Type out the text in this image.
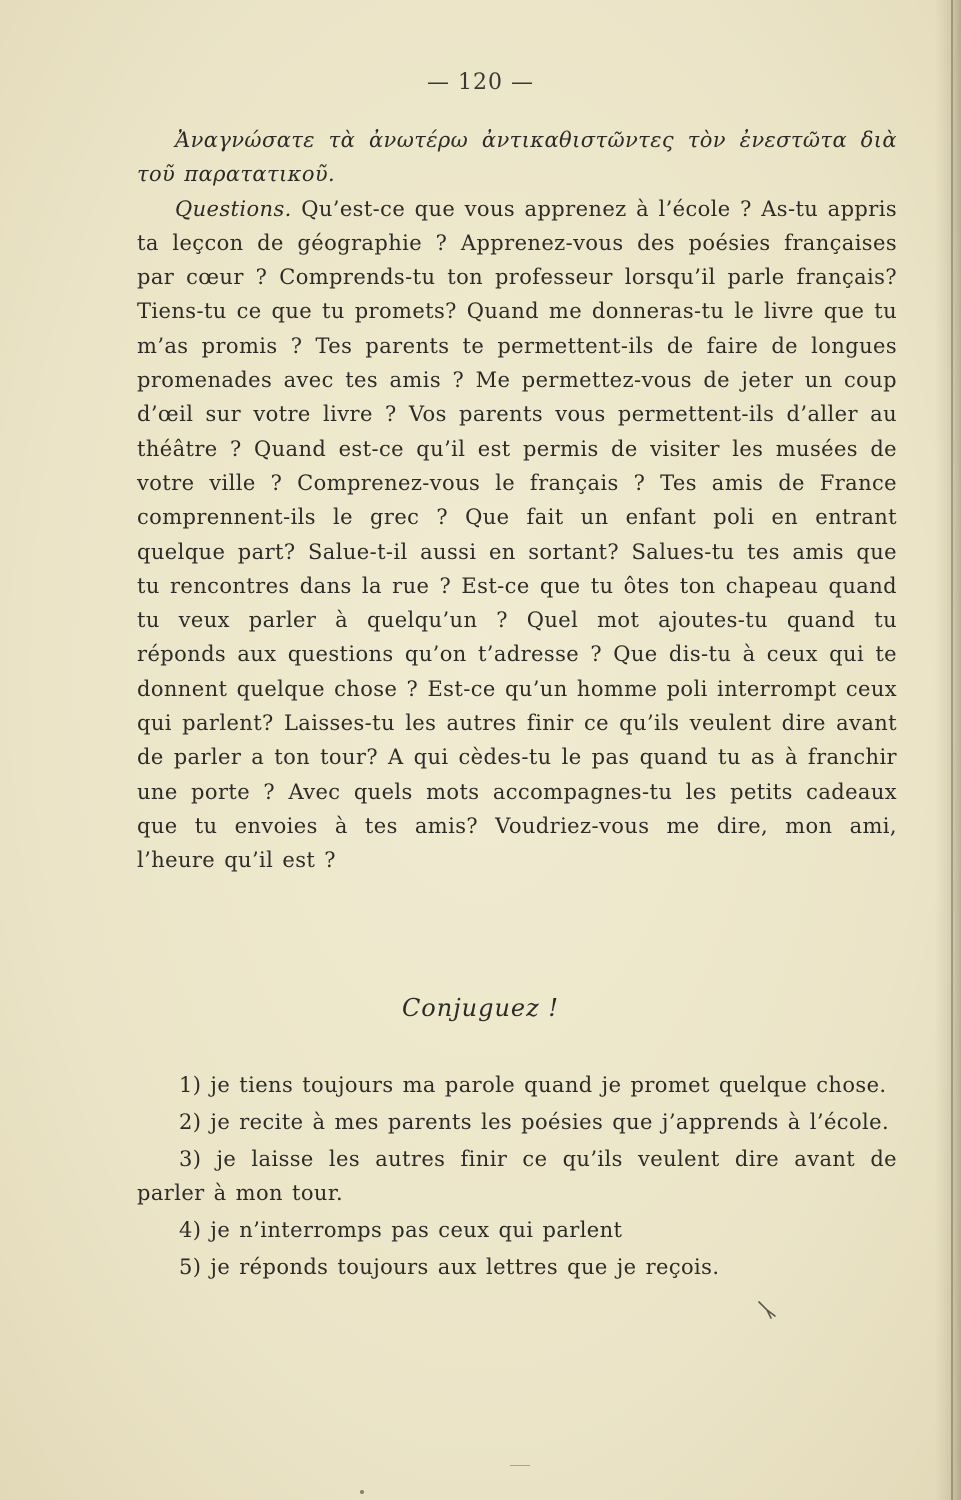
— 120 —

Ἀναγνώσατε τὰ ἀνωτέρω ἀντικαθιστῶντες τὸν ἐνεστῶτα διὰ τοῦ παρατατικοῦ.

Questions. Qu’est-ce que vous apprenez à l’école ? As-tu appris ta leçcon de géographie ? Apprenez-vous des poésies françaises par cœur ? Comprends-tu ton professeur lorsqu’il parle français? Tiens-tu ce que tu promets? Quand me donneras-tu le livre que tu m’as promis ? Tes parents te permettent-ils de faire de longues promenades avec tes amis ? Me permettez-vous de jeter un coup d’œil sur votre livre ? Vos parents vous permettent-ils d’aller au théâtre ? Quand est-ce qu’il est permis de visiter les musées de votre ville ? Comprenez-vous le français ? Tes amis de France comprennent-ils le grec ? Que fait un enfant poli en entrant quelque part? Salue-t-il aussi en sortant? Salues-tu tes amis que tu rencontres dans la rue ? Est-ce que tu ôtes ton chapeau quand tu veux parler à quelqu’un ? Quel mot ajoutes-tu quand tu réponds aux questions qu’on t’adresse ? Que dis-tu à ceux qui te donnent quelque chose ? Est-ce qu’un homme poli interrompt ceux qui parlent? Laisses-tu les autres finir ce qu’ils veulent dire avant de parler a ton tour? A qui cèdes-tu le pas quand tu as à franchir une porte ? Avec quels mots accompagnes-tu les petits cadeaux que tu envoies à tes amis? Voudriez-vous me dire, mon ami, l’heure qu’il est ?

Conjuguez !
1) je tiens toujours ma parole quand je promet quelque chose.
2) je recite à mes parents les poésies que j’apprends à l’école.
3) je laisse les autres finir ce qu’ils veulent dire avant de parler à mon tour.
4) je n’interromps pas ceux qui parlent
5) je réponds toujours aux lettres que je reçois.
